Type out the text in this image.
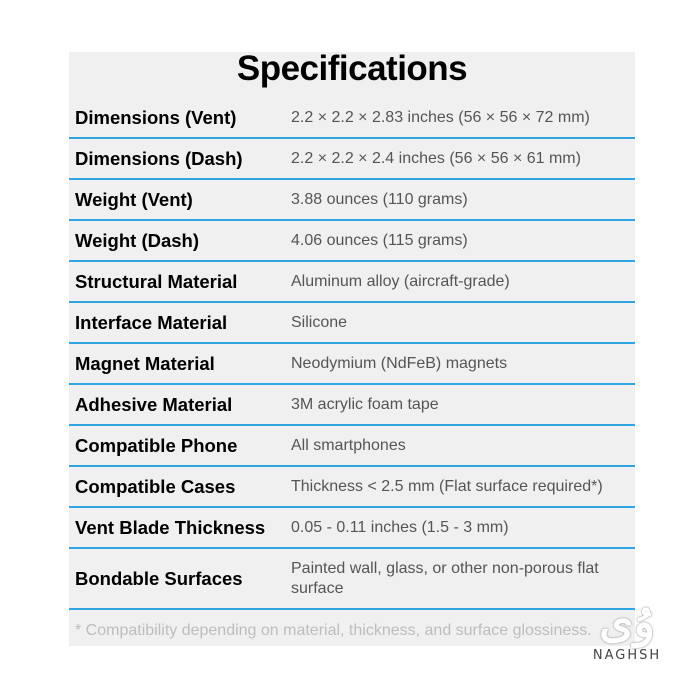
Specifications
Dimensions (Vent)	2.2 × 2.2 × 2.83 inches (56 × 56 × 72 mm)
Dimensions (Dash)	2.2 × 2.2 × 2.4 inches (56 × 56 × 61 mm)
Weight (Vent)	3.88 ounces (110 grams)
Weight (Dash)	4.06 ounces (115 grams)
Structural Material	Aluminum alloy (aircraft-grade)
Interface Material	Silicone
Magnet Material	Neodymium (NdFeB) magnets
Adhesive Material	3M acrylic foam tape
Compatible Phone	All smartphones
Compatible Cases	Thickness < 2.5 mm (Flat surface required*)
Vent Blade Thickness 0.05 - 0.11 inches (1.5 - 3 mm)
Bondable Surfaces	Painted wall, glass, or other non-porous flat surface
* Compatibility depending on material, thickness, and surface glossiness. وُی
NAGHSH
